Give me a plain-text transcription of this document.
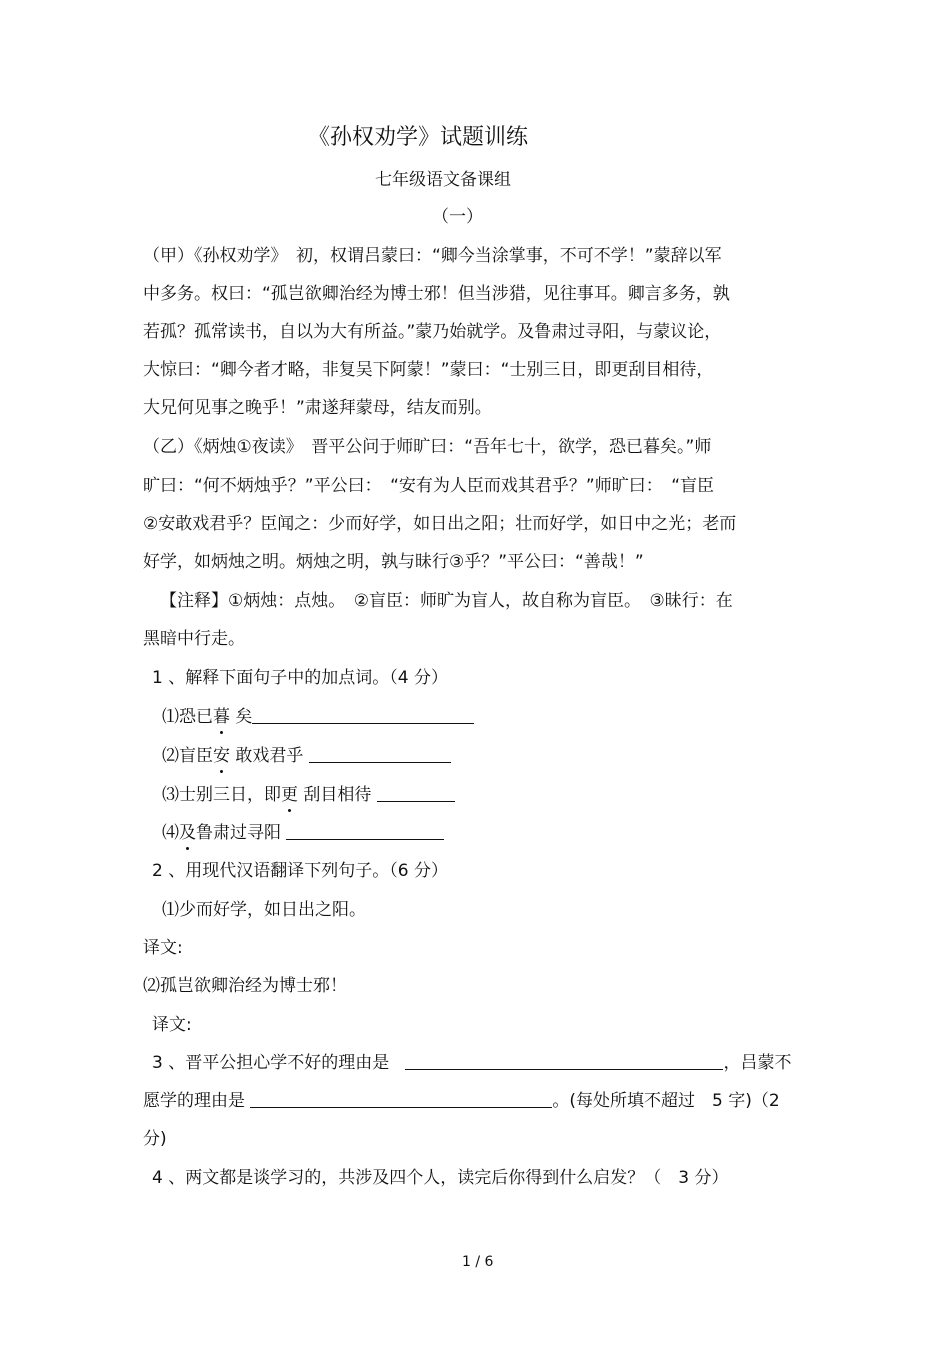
《孙权劝学》试题训练
七年级语文备课组
（一）
（甲）《孙权劝学》　初，权谓吕蒙曰：“卿今当涂掌事，不可不学！”蒙辞以军
中多务。权曰：“孤岂欲卿治经为博士邪！但当涉猎，见往事耳。卿言多务，孰
若孤？孤常读书，自以为大有所益。”蒙乃始就学。及鲁肃过寻阳，与蒙议论，
大惊曰：“卿今者才略，非复吴下阿蒙！”蒙曰：“士别三日，即更刮目相待，
大兄何见事之晚乎！”肃遂拜蒙母，结友而别。
（乙）《炳烛①夜读》　晋平公问于师旷曰：“吾年七十，欲学，恐已暮矣。”师
旷曰：“何不炳烛乎？”平公曰：　“安有为人臣而戏其君乎？”师旷曰：　“盲臣
②安敢戏君乎？臣闻之：少而好学，如日出之阳；壮而好学，如日中之光；老而
好学，如炳烛之明。炳烛之明，孰与昧行③乎？”平公曰：“善哉！”
【注释】①炳烛：点烛。　②盲臣：师旷为盲人，故自称为盲臣。　③昧行：在
黑暗中行走。
1 、解释下面句子中的加点词。（4 分）
⑴恐已暮 矣
⑵盲臣安 敢戏君乎
⑶士别三日，即更 刮目相待
⑷及鲁肃过寻阳
2 、用现代汉语翻译下列句子。（6 分）
⑴少而好学，如日出之阳。
译文:
⑵孤岂欲卿治经为博士邪！
译文:
3 、晋平公担心学不好的理由是	，吕蒙不
愿学的理由是	。(每处所填不超过　5 字)（2
分)
4 、两文都是谈学习的，共涉及四个人，读完后你得到什么启发？（　3 分）
1 / 6
